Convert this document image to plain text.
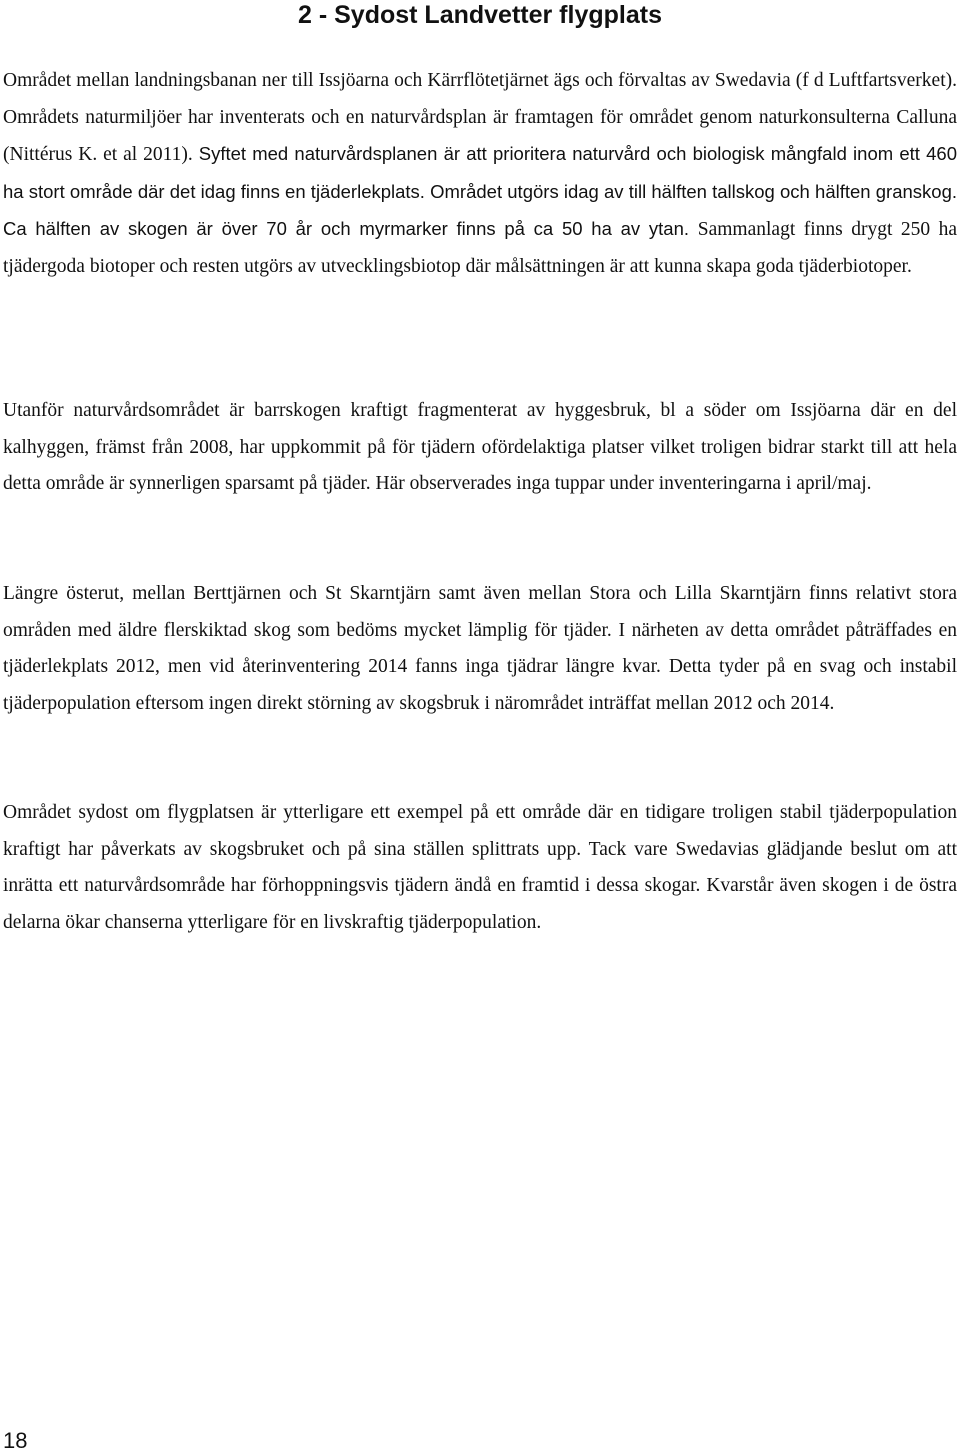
2 - Sydost Landvetter flygplats

Området mellan landningsbanan ner till Issjöarna och Kärrflötetjärnet ägs och förvaltas av Swedavia (f d Luftfartsverket). Områdets naturmiljöer har inventerats och en naturvårdsplan är framtagen för området genom naturkonsulterna Calluna (Nittérus K. et al 2011). Syftet med naturvårdsplanen är att prioritera naturvård och biologisk mångfald inom ett 460 ha stort område där det idag finns en tjäderlekplats. Området utgörs idag av till hälften tallskog och hälften granskog. Ca hälften av skogen är över 70 år och myrmarker finns på ca 50 ha av ytan. Sammanlagt finns drygt 250 ha tjädergoda biotoper och resten utgörs av utvecklingsbiotop där målsättningen är att kunna skapa goda tjäderbiotoper.

Utanför naturvårdsområdet är barrskogen kraftigt fragmenterat av hyggesbruk, bl a söder om Issjöarna där en del kalhyggen, främst från 2008, har uppkommit på för tjädern ofördelaktiga platser vilket troligen bidrar starkt till att hela detta område är synnerligen sparsamt på tjäder. Här observerades inga tuppar under inventeringarna i april/maj.

Längre österut, mellan Berttjärnen och St Skarntjärn samt även mellan Stora och Lilla Skarntjärn finns relativt stora områden med äldre flerskiktad skog som bedöms mycket lämplig för tjäder. I närheten av detta området påträffades en tjäderlekplats 2012, men vid återinventering 2014 fanns inga tjädrar längre kvar. Detta tyder på en svag och instabil tjäderpopulation eftersom ingen direkt störning av skogsbruk i närområdet inträffat mellan 2012 och 2014.

Området sydost om flygplatsen är ytterligare ett exempel på ett område där en tidigare troligen stabil tjäderpopulation kraftigt har påverkats av skogsbruket och på sina ställen splittrats upp. Tack vare Swedavias glädjande beslut om att inrätta ett naturvårdsområde har förhoppningsvis tjädern ändå en framtid i dessa skogar. Kvarstår även skogen i de östra delarna ökar chanserna ytterligare för en livskraftig tjäderpopulation.

18
